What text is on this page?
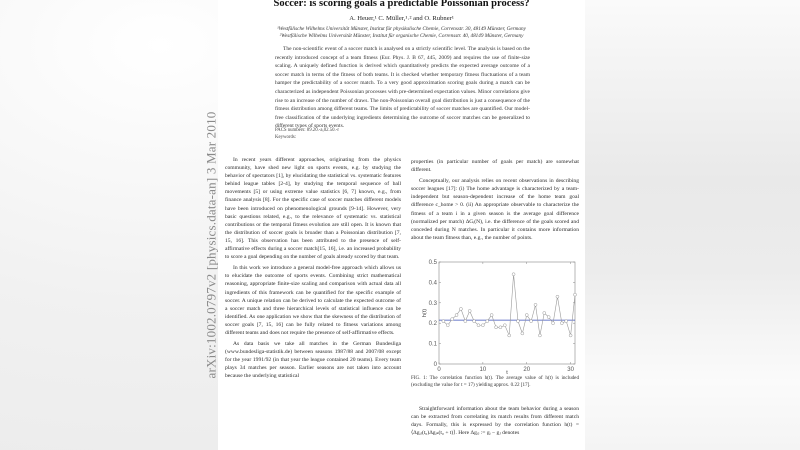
arXiv:1002.0797v2 [physics.data-an] 3 Mar 2010
Soccer: is scoring goals a predictable Poissonian process?
A. Heuer,¹ C. Müller,¹˒² and O. Rubner¹
¹Westfälische Wilhelms Universität Münster, Institut für physikalische Chemie, Corrensstr. 30, 48149 Münster, Germany
²Westfälische Wilhelms Universität Münster, Institut für organische Chemie, Corrensstr. 40, 48149 Münster, Germany
The non-scientific event of a soccer match is analysed on a strictly scientific level. The analysis is based on the recently introduced concept of a team fitness (Eur. Phys. J. B 67, 445, 2009) and requires the use of finite-size scaling. A uniquely defined function is derived which quantitatively predicts the expected average outcome of a soccer match in terms of the fitness of both teams. It is checked whether temporary fitness fluctuations of a team hamper the predictability of a soccer match. To a very good approximation scoring goals during a match can be characterized as independent Poissonian processes with pre-determined expectation values. Minor correlations give rise to an increase of the number of draws. The non-Poissonian overall goal distribution is just a consequence of the fitness distribution among different teams. The limits of predictability of soccer matches are quantified. Our model-free classification of the underlying ingredients determining the outcome of soccer matches can be generalized to different types of sports events.
PACS numbers: 89.20.-a,02.50.-r
Keywords:

In recent years different approaches, originating from the physics community, have shed new light on sports events, e.g. by studying the behavior of spectators [1], by elucidating the statistical vs. systematic features behind league tables [2-4], by studying the temporal sequence of ball movements [5] or using extreme value statistics [6, 7] known, e.g., from finance analysis [8]. For the specific case of soccer matches different models have been introduced on phenomenological grounds [9-14]. However, very basic questions related, e.g., to the relevance of systematic vs. statistical contributions or the temporal fitness evolution are still open. It is known that the distribution of soccer goals is broader than a Poissonian distribution [7, 15, 16]. This observation has been attributed to the presence of self-affirmative effects during a soccer match[15, 16], i.e. an increased probability to score a goal depending on the number of goals already scored by that team.

In this work we introduce a general model-free approach which allows us to elucidate the outcome of sports events. Combining strict mathematical reasoning, appropriate finite-size scaling and comparison with actual data all ingredients of this framework can be quantified for the specific example of soccer. A unique relation can be derived to calculate the expected outcome of a soccer match and three hierarchical levels of statistical influence can be identified. As one application we show that the skewness of the distribution of soccer goals [7, 15, 16] can be fully related to fitness variations among different teams and does not require the presence of self-affirmative effects.

As data basis we take all matches in the German Bundesliga (www.bundesliga-statistik.de) between seasons 1987/88 and 2007/08 except for the year 1991/92 (in that year the league contained 20 teams). Every team plays 34 matches per season. Earlier seasons are not taken into account because the underlying statistical

properties (in particular number of goals per match) are somewhat different.

Conceptually, our analysis relies on recent observations in describing soccer leagues [17]: (i) The home advantage is characterized by a team-independent but season-dependent increase of the home team goal difference c_home > 0. (ii) An appropriate observable to characterize the fitness of a team i in a given season is the average goal difference (normalized per match) ΔGᵢ(N), i.e. the difference of the goals scored and conceded during N matches. In particular it contains more information about the team fitness than, e.g., the number of points.

0
0.1
0.2
0.3
0.4
0.5
0	10	20	30
t
h(t)
FIG. 1: The correlation function h(t). The average value of h(t) is included (excluding the value for t = 17) yielding approx. 0.22 [17].

Straightforward information about the team behavior during a season can be extracted from correlating its match results from different match days. Formally, this is expressed by the correlation function h(t) = ⟨Δgᵢⱼ(t₀)Δgᵢₖ(t₀ + t)⟩. Here Δgᵢⱼ := gᵢ − gⱼ denotes
